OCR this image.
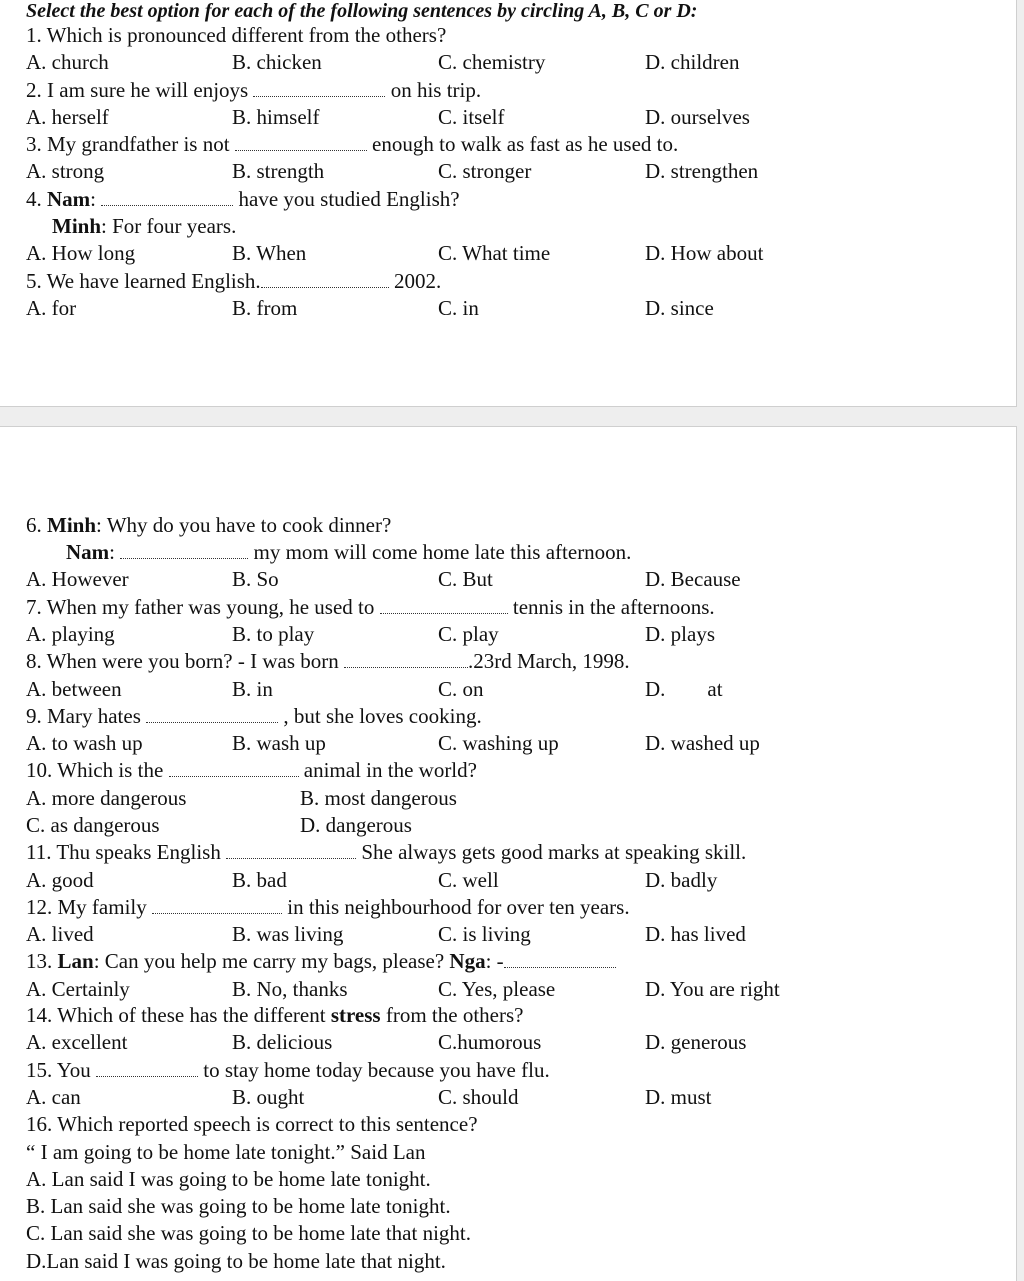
Select the best option for each of the following sentences by circling A, B, C or D:
1. Which is pronounced different from the others?
A. church	B. chicken	C. chemistry	D. children
2. I am sure he will enjoys	on his trip.
A. herself	B. himself	C. itself	D. ourselves
3. My grandfather is not	enough to walk as fast as he used to.
A. strong	B. strength	C. stronger	D. strengthen
4. Nam:	have you studied English?
Minh: For four years.
A. How long	B. When	C. What time	D. How about
5. We have learned English.	2002.
A. for	B. from	C. in	D. since
6. Minh: Why do you have to cook dinner?
Nam:	my mom will come home late this afternoon.
A. However	B. So	C. But	D. Because
7. When my father was young, he used to	tennis in the afternoons.
A. playing	B. to play	C. play	D. plays
8. When were you born? - I was born	.23rd March, 1998.
A. between	B. in	C. on	D. at
9. Mary hates	, but she loves cooking.
A. to wash up	B. wash up	C. washing up	D. washed up
10. Which is the	animal in the world?
A. more dangerous	B. most dangerous
C. as dangerous	D. dangerous
11. Thu speaks English	She always gets good marks at speaking skill.
A. good	B. bad	C. well	D. badly
12. My family	in this neighbourhood for over ten years.
A. lived	B. was living	C. is living	D. has lived
13. Lan: Can you help me carry my bags, please? Nga: -
A. Certainly	B. No, thanks	C. Yes, please	D. You are right
14. Which of these has the different stress from the others?
A. excellent	B. delicious	C.humorous	D. generous
15. You	to stay home today because you have flu.
A. can	B. ought	C. should	D. must
16. Which reported speech is correct to this sentence?
“ I am going to be home late tonight.” Said Lan
A. Lan said I was going to be home late tonight.
B. Lan said she was going to be home late tonight.
C. Lan said she was going to be home late that night.
D.Lan said I was going to be home late that night.
